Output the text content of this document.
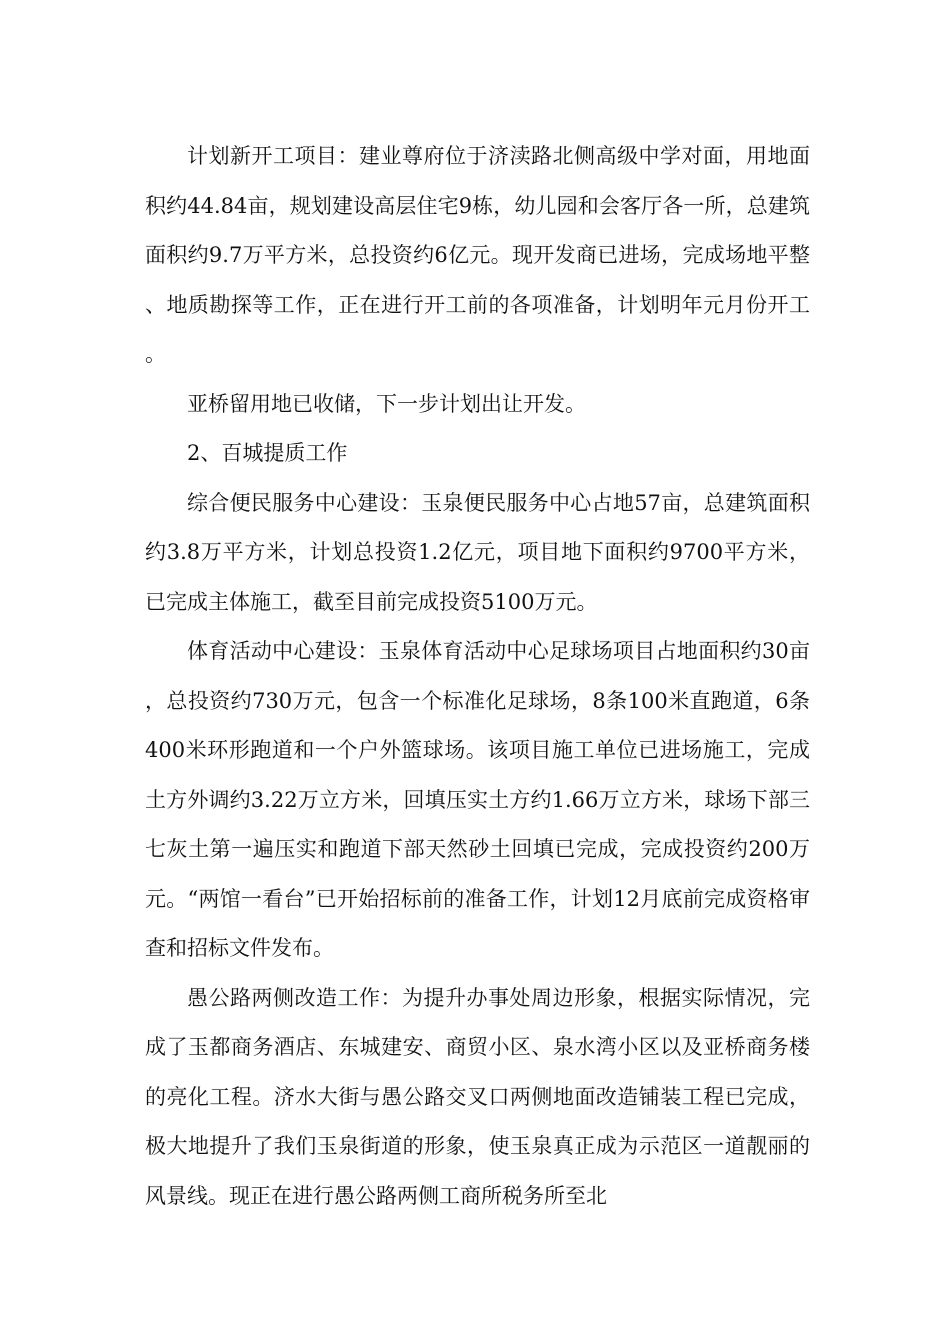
计划新开工项目：建业尊府位于济渎路北侧高级中学对面，用地面积约44.84亩，规划建设高层住宅9栋，幼儿园和会客厅各一所，总建筑面积约9.7万平方米，总投资约6亿元。现开发商已进场，完成场地平整、地质勘探等工作，正在进行开工前的各项准备，计划明年元月份开工。

亚桥留用地已收储，下一步计划出让开发。

2、百城提质工作

综合便民服务中心建设：玉泉便民服务中心占地57亩，总建筑面积约3.8万平方米，计划总投资1.2亿元，项目地下面积约9700平方米，已完成主体施工，截至目前完成投资5100万元。

体育活动中心建设：玉泉体育活动中心足球场项目占地面积约30亩，总投资约730万元，包含一个标准化足球场，8条100米直跑道，6条400米环形跑道和一个户外篮球场。该项目施工单位已进场施工，完成土方外调约3.22万立方米，回填压实土方约1.66万立方米，球场下部三七灰土第一遍压实和跑道下部天然砂土回填已完成，完成投资约200万元。“两馆一看台”已开始招标前的准备工作，计划12月底前完成资格审查和招标文件发布。

愚公路两侧改造工作：为提升办事处周边形象，根据实际情况，完成了玉都商务酒店、东城建安、商贸小区、泉水湾小区以及亚桥商务楼的亮化工程。济水大街与愚公路交叉口两侧地面改造铺装工程已完成，极大地提升了我们玉泉街道的形象，使玉泉真正成为示范区一道靓丽的风景线。现正在进行愚公路两侧工商所税务所至北
